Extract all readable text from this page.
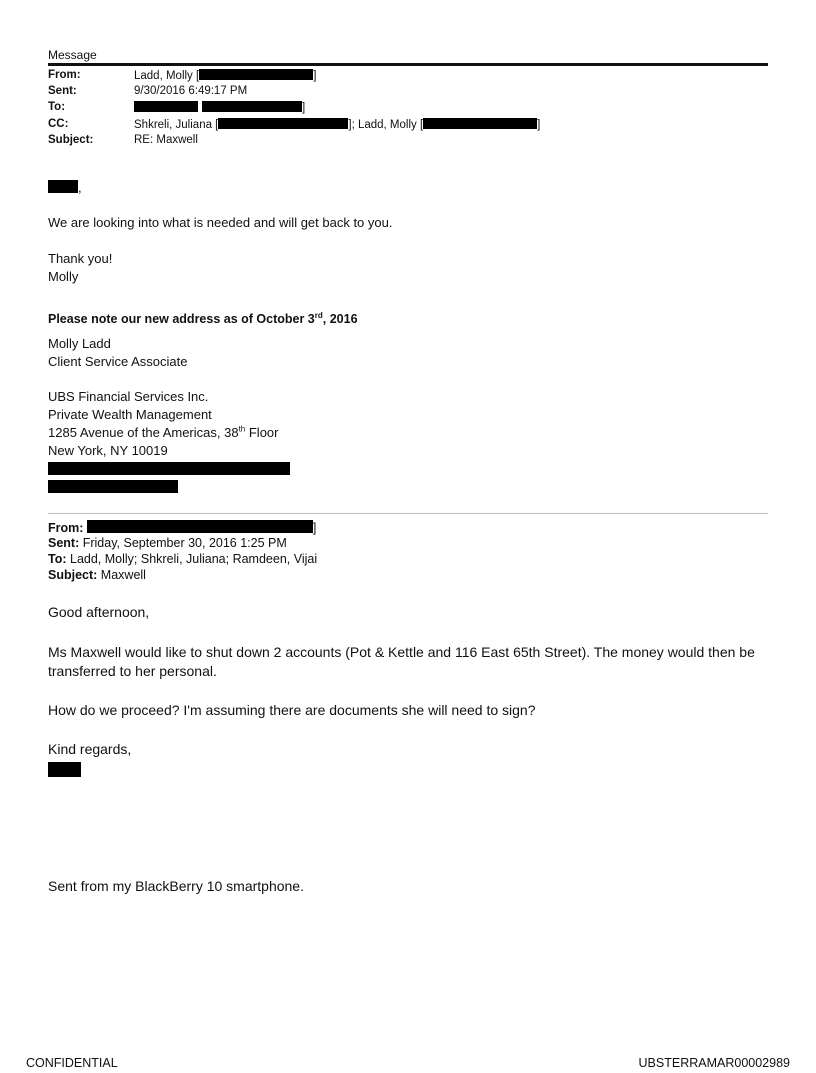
Message
From:	Ladd, Molly [	]
Sent:	9/30/2016 6:49:17 PM
To:	]
CC:	Shkreli, Juliana [	]; Ladd, Molly [	]
Subject:	RE: Maxwell
,
We are looking into what is needed and will get back to you.
Thank you!
Molly
Please note our new address as of October 3rd, 2016
Molly Ladd
Client Service Associate
UBS Financial Services Inc.
Private Wealth Management
1285 Avenue of the Americas, 38th Floor
New York, NY 10019
From:	]
Sent: Friday, September 30, 2016 1:25 PM
To: Ladd, Molly; Shkreli, Juliana; Ramdeen, Vijai
Subject: Maxwell
Good afternoon,
Ms Maxwell would like to shut down 2 accounts (Pot & Kettle and 116 East 65th Street). The money would then be transferred to her personal.
How do we proceed? I'm assuming there are documents she will need to sign?
Kind regards,
Sent from my BlackBerry 10 smartphone.
CONFIDENTIAL	UBSTERRAMAR00002989
